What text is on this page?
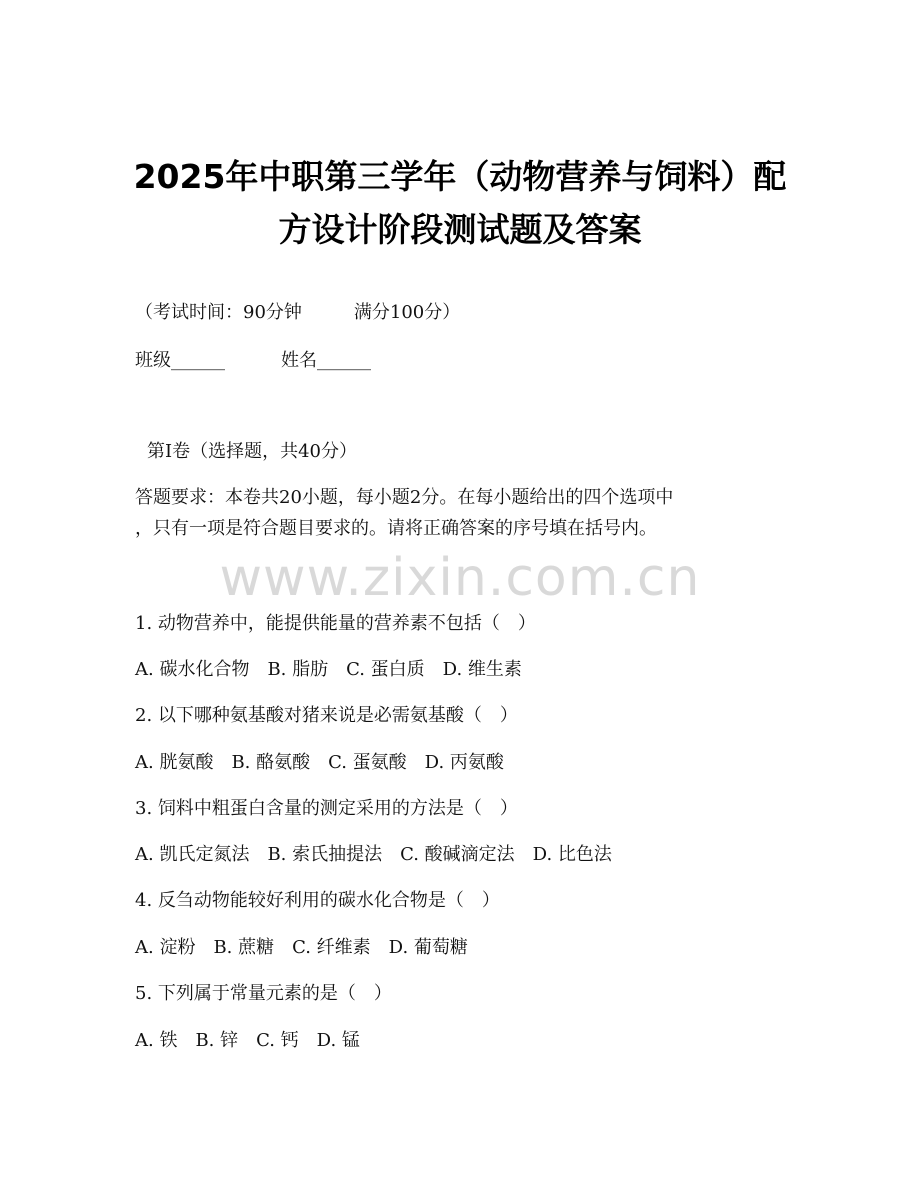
2025年中职第三学年（动物营养与饲料）配
方设计阶段测试题及答案
（考试时间：90分钟	满分100分）
班级______	姓名______
第Ⅰ卷（选择题，共40分）
答题要求：本卷共20小题，每小题2分。在每小题给出的四个选项中
，只有一项是符合题目要求的。请将正确答案的序号填在括号内。
www.zixin.com.cn
1. 动物营养中，能提供能量的营养素不包括（　）
A. 碳水化合物　B. 脂肪　C. 蛋白质　D. 维生素
2. 以下哪种氨基酸对猪来说是必需氨基酸（　）
A. 胱氨酸　B. 酪氨酸　C. 蛋氨酸　D. 丙氨酸
3. 饲料中粗蛋白含量的测定采用的方法是（　）
A. 凯氏定氮法　B. 索氏抽提法　C. 酸碱滴定法　D. 比色法
4. 反刍动物能较好利用的碳水化合物是（　）
A. 淀粉　B. 蔗糖　C. 纤维素　D. 葡萄糖
5. 下列属于常量元素的是（　）
A. 铁　B. 锌　C. 钙　D. 锰
